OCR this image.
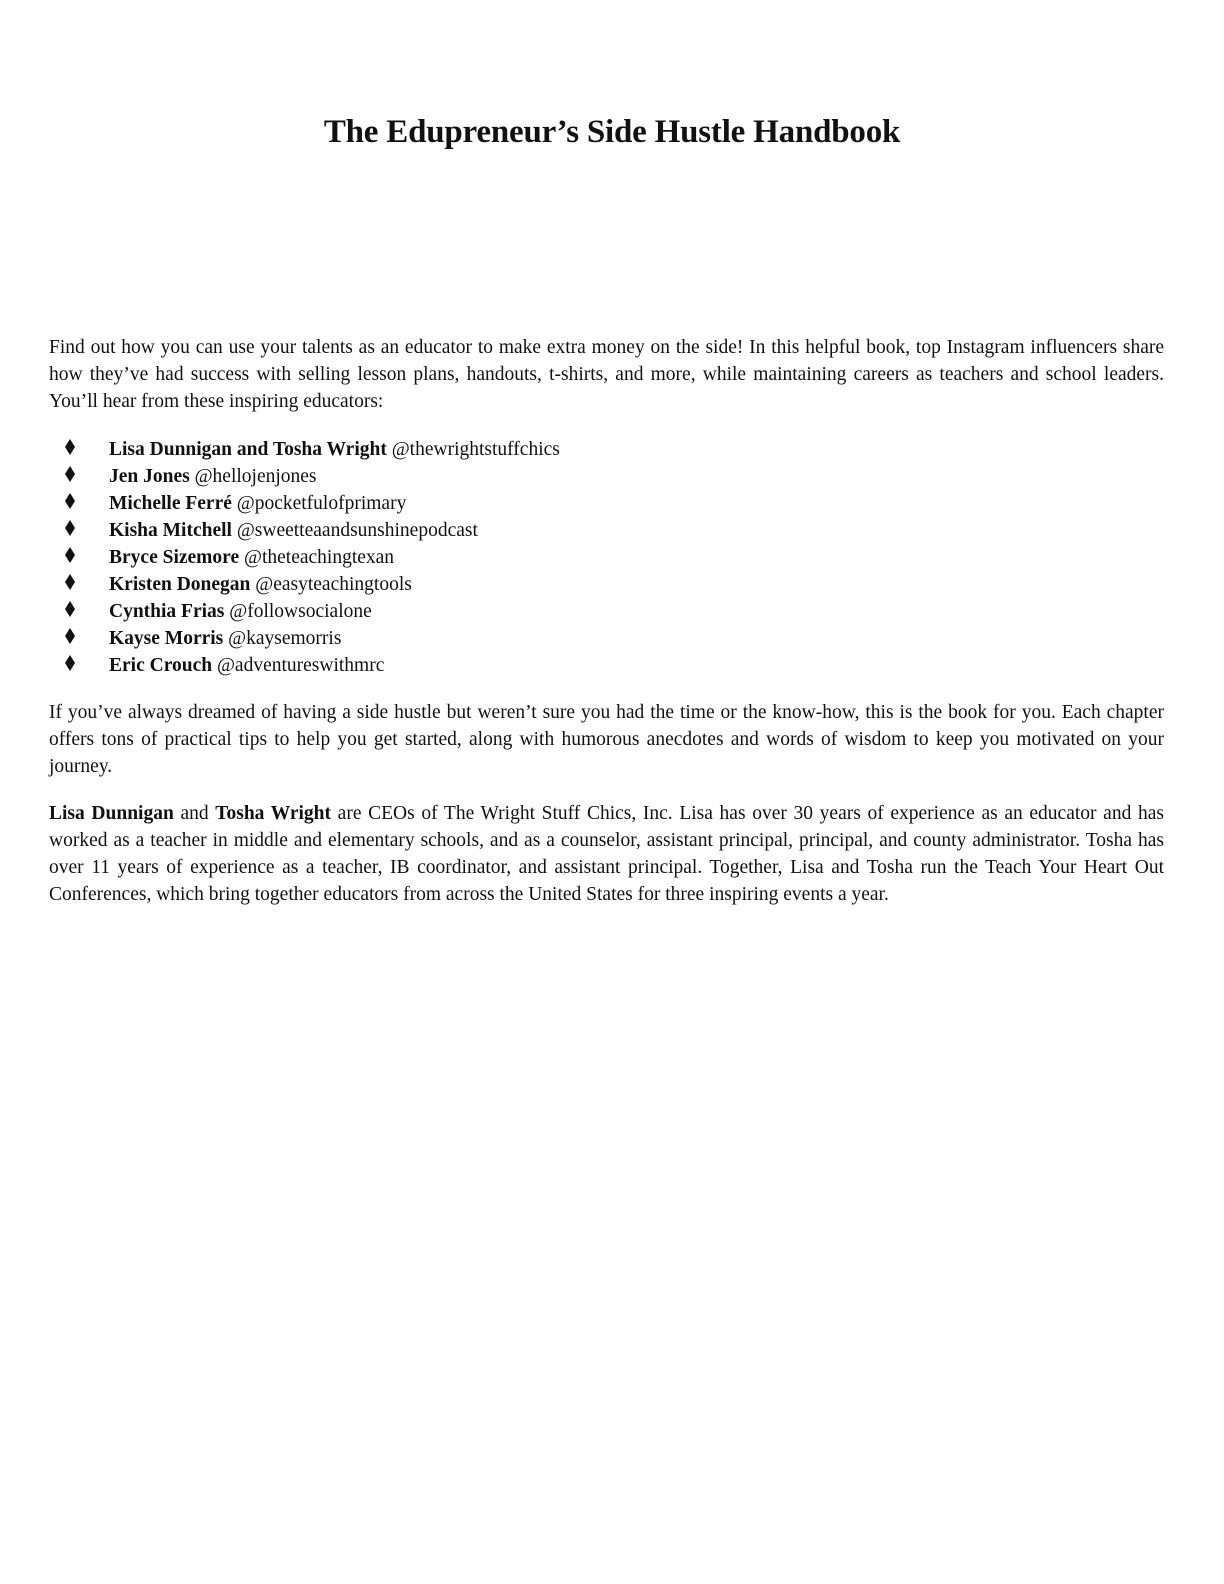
The Edupreneur’s Side Hustle Handbook

Find out how you can use your talents as an educator to make extra money on the side! In this helpful book, top Instagram influencers share how they’ve had success with selling lesson plans, handouts, t-shirts, and more, while maintaining careers as teachers and school leaders. You’ll hear from these inspiring educators:

Lisa Dunnigan and Tosha Wright @thewrightstuffchics
Jen Jones @hellojenjones
Michelle Ferré @pocketfulofprimary
Kisha Mitchell @sweetteaandsunshinepodcast
Bryce Sizemore @theteachingtexan
Kristen Donegan @easyteachingtools
Cynthia Frias @followsocialone
Kayse Morris @kaysemorris
Eric Crouch @adventureswithmrc

If you’ve always dreamed of having a side hustle but weren’t sure you had the time or the know-how, this is the book for you. Each chapter offers tons of practical tips to help you get started, along with humorous anecdotes and words of wisdom to keep you motivated on your journey.

Lisa Dunnigan and Tosha Wright are CEOs of The Wright Stuff Chics, Inc. Lisa has over 30 years of experience as an educator and has worked as a teacher in middle and elementary schools, and as a counselor, assistant principal, principal, and county administrator. Tosha has over 11 years of experience as a teacher, IB coordinator, and assistant principal. Together, Lisa and Tosha run the Teach Your Heart Out Conferences, which bring together educators from across the United States for three inspiring events a year.
